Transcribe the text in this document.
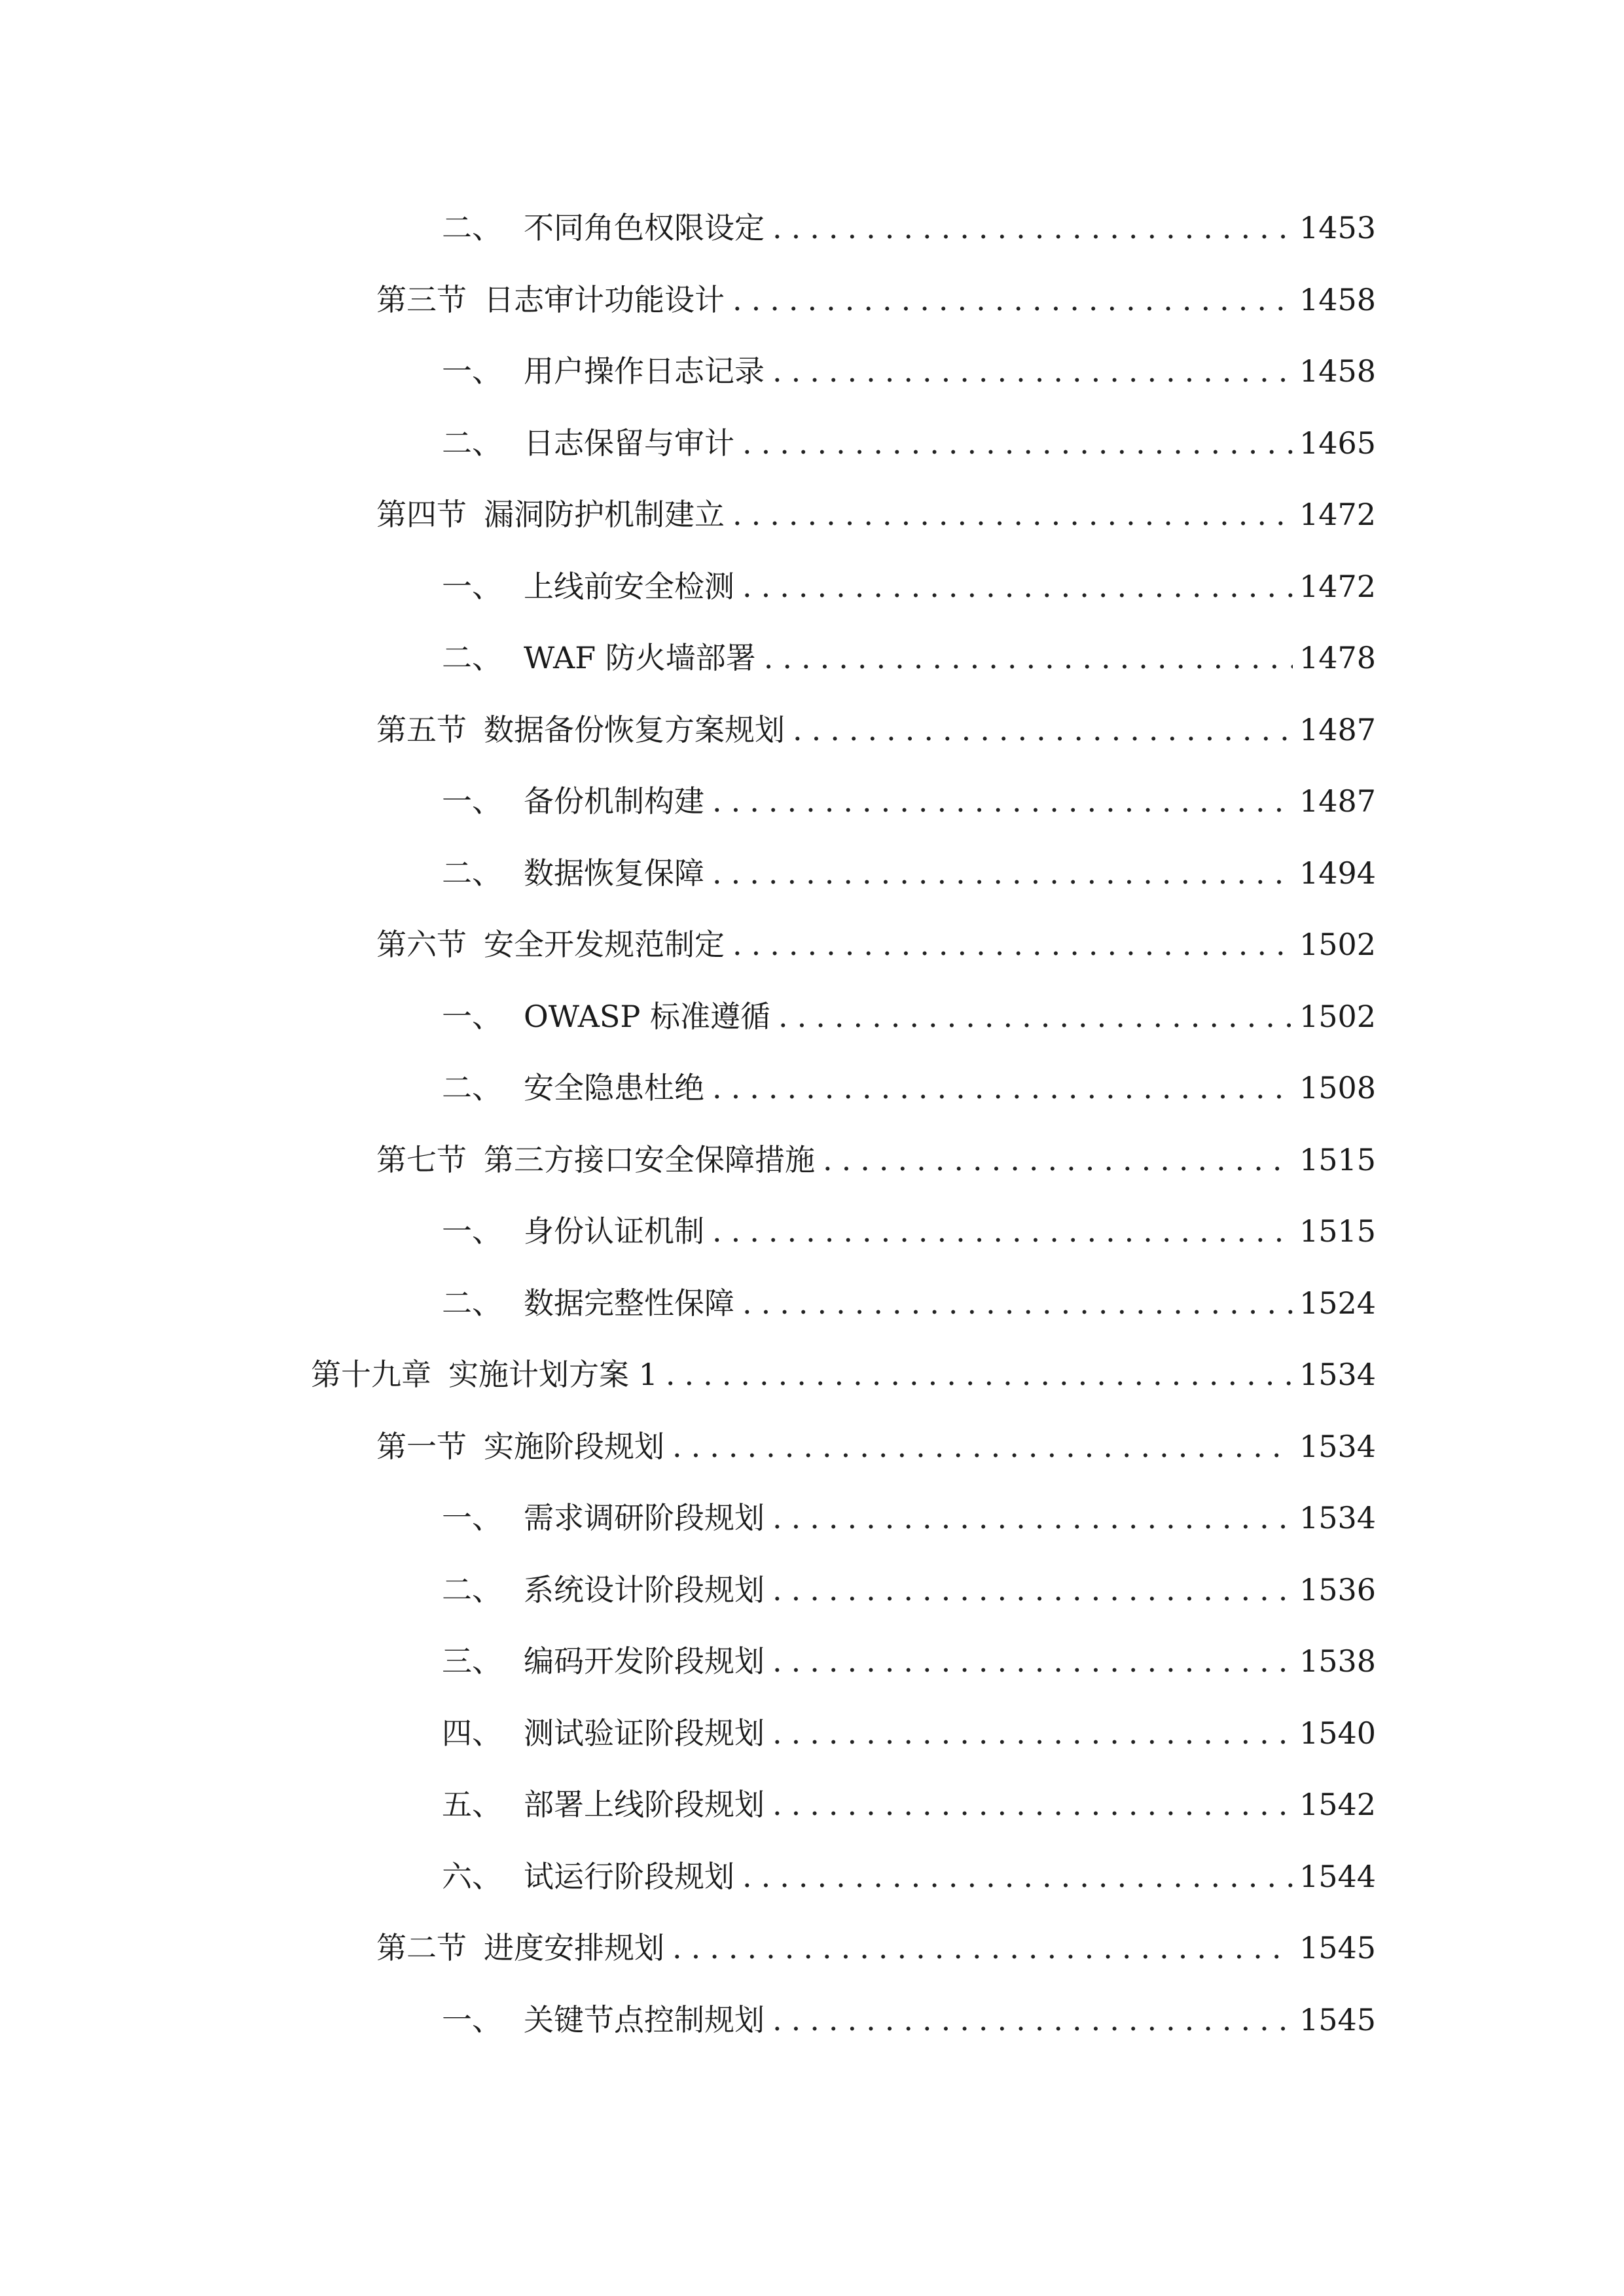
二、 不同角色权限设定 .....	1453
第三节 日志审计功能设计 .....	1458
一、 用户操作日志记录 .....	1458
二、 日志保留与审计 .....	1465
第四节 漏洞防护机制建立 .....	1472
一、 上线前安全检测 .....	1472
二、 WAF 防火墙部署 .....	1478
第五节 数据备份恢复方案规划 .....	1487
一、 备份机制构建 .....	1487
二、 数据恢复保障 .....	1494
第六节 安全开发规范制定 .....	1502
一、 OWASP 标准遵循 .....	1502
二、 安全隐患杜绝 .....	1508
第七节 第三方接口安全保障措施 .....	1515
一、 身份认证机制 .....	1515
二、 数据完整性保障 .....	1524
第十九章 实施计划方案 1 .....	1534
第一节 实施阶段规划 .....	1534
一、 需求调研阶段规划 .....	1534
二、 系统设计阶段规划 .....	1536
三、 编码开发阶段规划 .....	1538
四、 测试验证阶段规划 .....	1540
五、 部署上线阶段规划 .....	1542
六、 试运行阶段规划 .....	1544
第二节 进度安排规划 .....	1545
一、 关键节点控制规划 .....	1545
